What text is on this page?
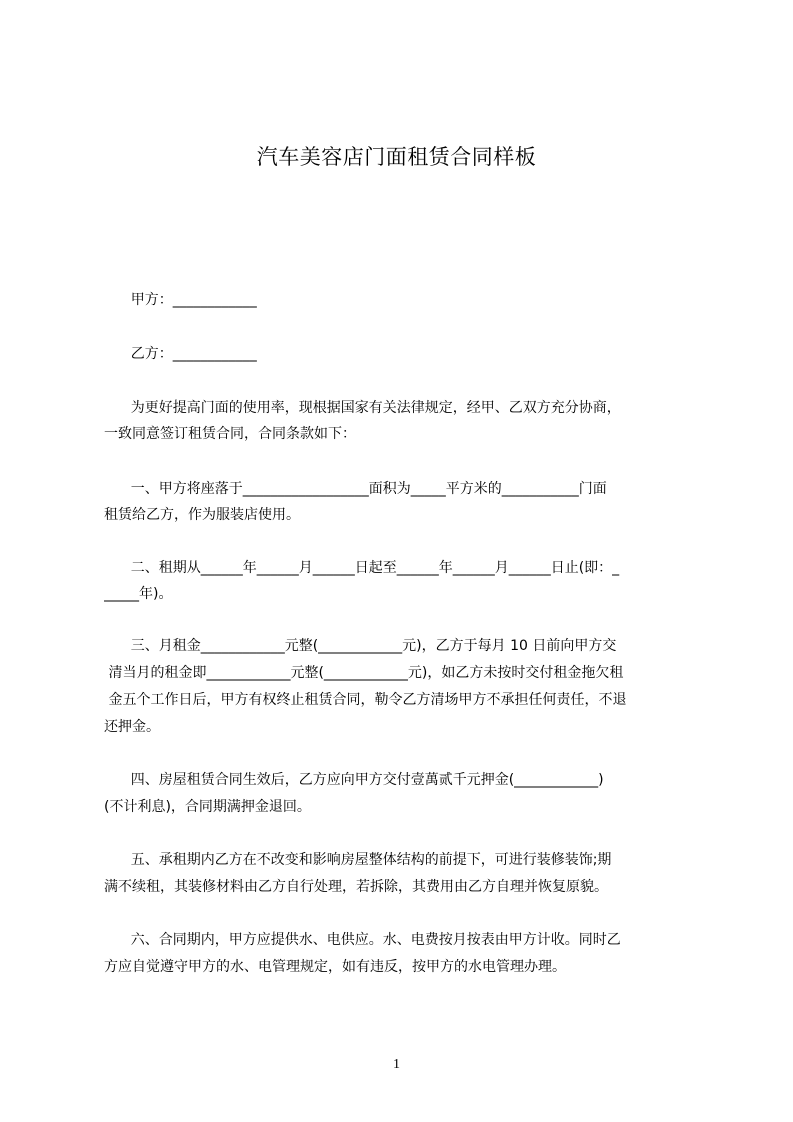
汽车美容店门面租赁合同样板
甲方：____________
乙方：____________
为更好提高门面的使用率，现根据国家有关法律规定，经甲、乙双方充分协商，
一致同意签订租赁合同，合同条款如下：
一、甲方将座落于__________________面积为_____平方米的___________门面
租赁给乙方，作为服装店使用。
二、租期从______年______月______日起至______年______月______日止(即：_
_____年)。
三、月租金____________元整(____________元)，乙方于每月 10 日前向甲方交
清当月的租金即____________元整(____________元)，如乙方未按时交付租金拖欠租
金五个工作日后，甲方有权终止租赁合同，勒令乙方清场甲方不承担任何责任，不退
还押金。
四、房屋租赁合同生效后，乙方应向甲方交付壹萬贰千元押金(____________)
(不计利息)，合同期满押金退回。
五、承租期内乙方在不改变和影响房屋整体结构的前提下，可进行装修装饰;期
满不续租，其装修材料由乙方自行处理，若拆除，其费用由乙方自理并恢复原貌。
六、合同期内，甲方应提供水、电供应。水、电费按月按表由甲方计收。同时乙
方应自觉遵守甲方的水、电管理规定，如有违反，按甲方的水电管理办理。
1
